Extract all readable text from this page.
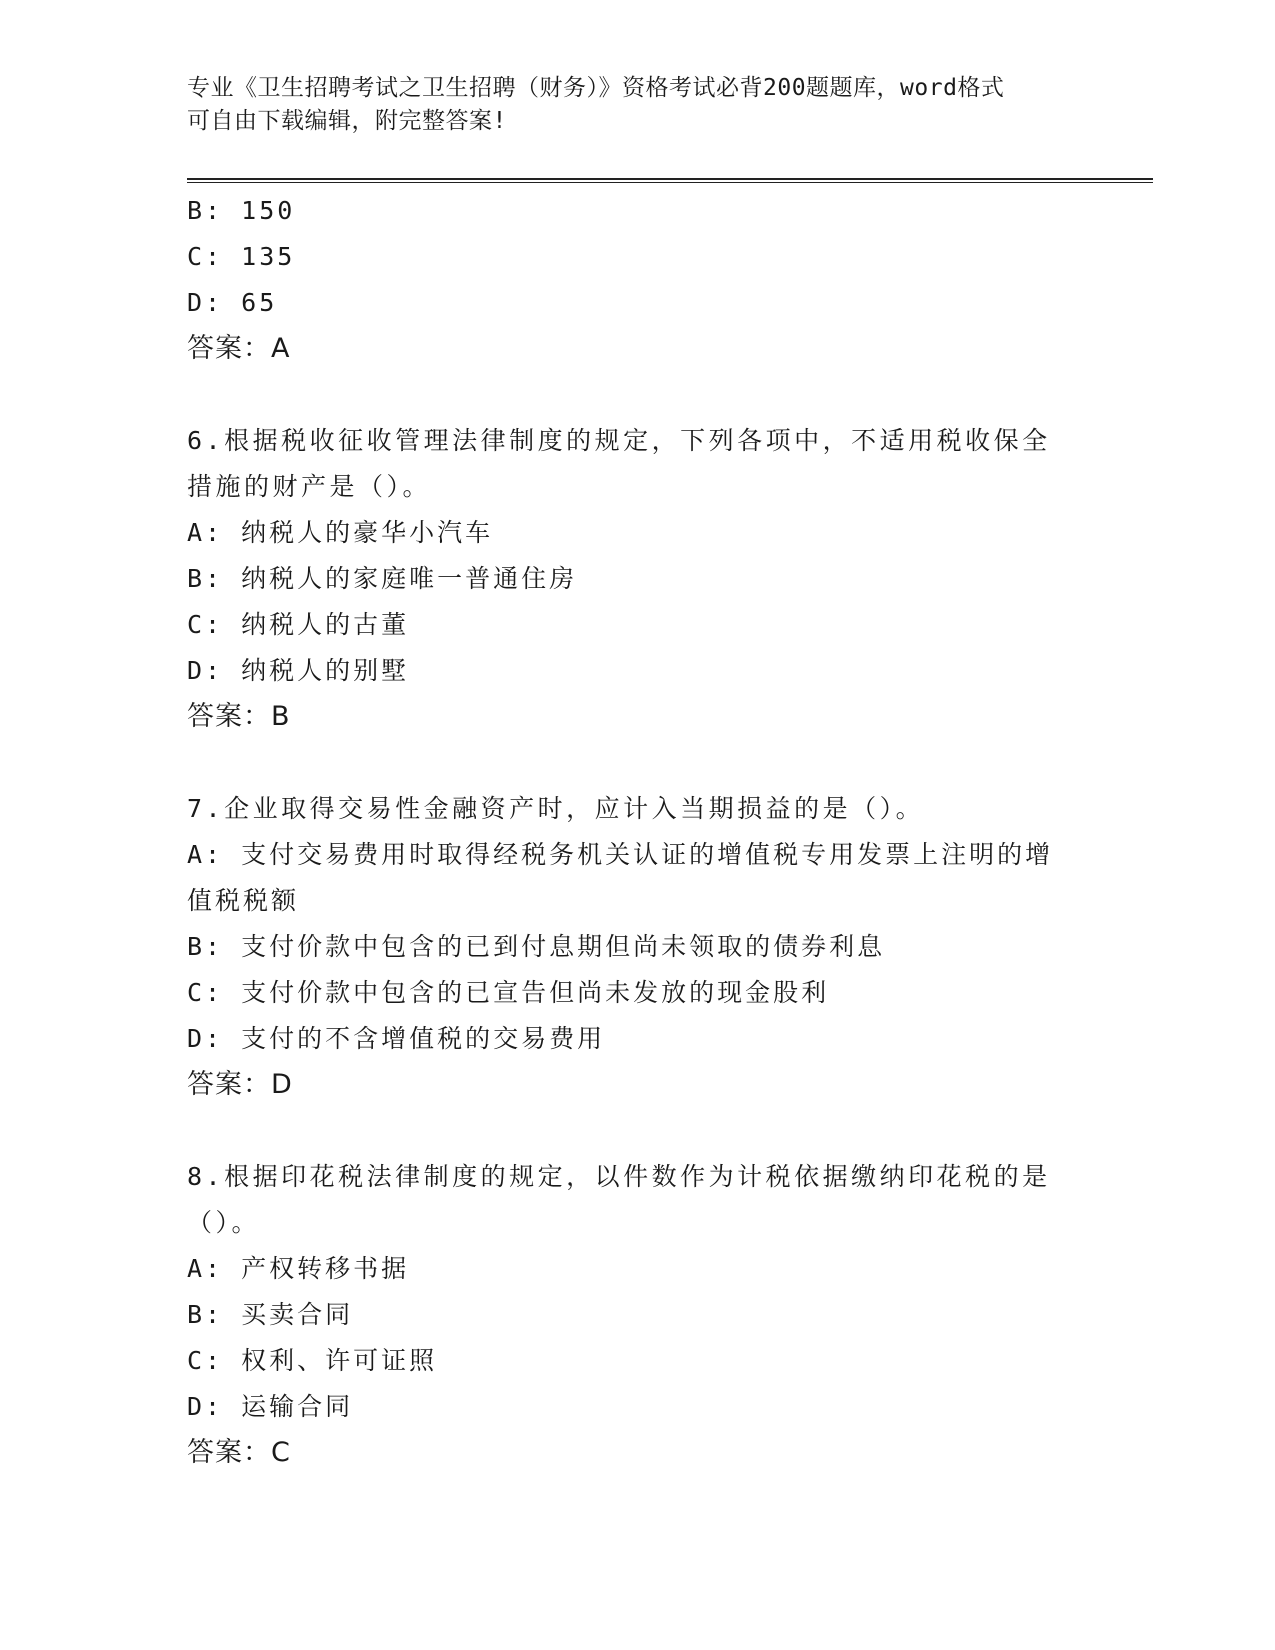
专业《卫生招聘考试之卫生招聘（财务）》资格考试必背200题题库，word格式
可自由下载编辑，附完整答案!
B: 150
C: 135
D: 65
答案：A
6.根据税收征收管理法律制度的规定，下列各项中，不适用税收保全
措施的财产是（）。
A: 纳税人的豪华小汽车
B: 纳税人的家庭唯一普通住房
C: 纳税人的古董
D: 纳税人的别墅
答案：B
7.企业取得交易性金融资产时，应计入当期损益的是（）。
A: 支付交易费用时取得经税务机关认证的增值税专用发票上注明的增
值税税额
B: 支付价款中包含的已到付息期但尚未领取的债券利息
C: 支付价款中包含的已宣告但尚未发放的现金股利
D: 支付的不含增值税的交易费用
答案：D
8.根据印花税法律制度的规定，以件数作为计税依据缴纳印花税的是
（）。
A: 产权转移书据
B: 买卖合同
C: 权利、许可证照
D: 运输合同
答案：C
